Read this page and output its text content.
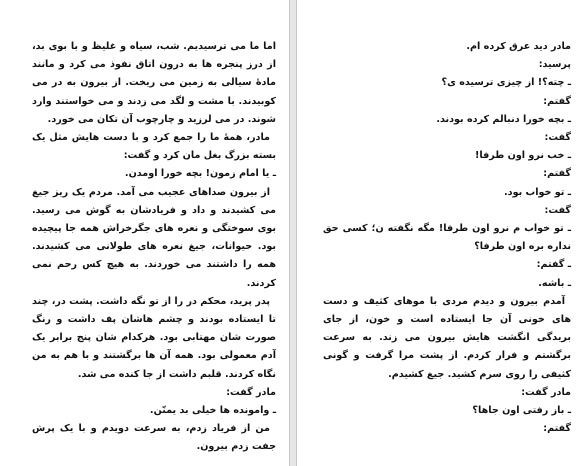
اما ما می ترسیدیم. شب، سیاه و غلیظ و با بوی بد، از درز پنجره ها به درون اتاق نفوذ می کرد و مانند مادهٔ سیالی به زمین می ریخت. از بیرون به در می کوبیدند. با مشت و لگد می زدند و می خواستند وارد شوند. در می لرزید و چارچوب آن تکان می خورد.

مادر، همهٔ ما را جمع کرد و با دست هایش مثل یک بسته بزرگ بغل مان کرد و گفت:

ـ یا امام زمون! بچه خورا اومدن.

از بیرون صداهای عجیب می آمد. مردم یک ریز جیغ می کشیدند و داد و فریادشان به گوش می رسید. بوی سوختگی و نعره های جگرخراش همه جا پیچیده بود. حیوانات، جیغ نعره های طولانی می کشیدند. همه را داشتند می خوردند. به هیچ کس رحم نمی کردند.

پدر پرید، محکم در را از تو نگه داشت. پشت در، چند تا ایستاده بودند و چشم هاشان پف داشت و رنگ صورت شان مهتابی بود. هرکدام شان پنج برابر یک آدم معمولی بود. همه آن ها برگشتند و با هم به من نگاه کردند. قلبم داشت از جا کنده می شد.

مادر گفت:

ـ وامونده ها خیلی بد یمنّن.

من از فریاد زدم، به سرعت دویدم و با یک پرش جفت زدم بیرون.

مادر دید عرق کرده ام.

پرسید:

ـ چته؟! از چیزی ترسیده ی؟

گفتم:

ـ بچه خورا دنبالم کرده بودند.

گفت:

ـ خب نرو اون طرفا!

گفتم:

ـ تو خواب بود.

گفت:

ـ تو خواب م نرو اون طرفا! مگه نگفته ن؛ کسی حق نداره بره اون طرفا؟

ـ گفتم:

ـ باشه.

آمدم بیرون و دیدم مردی با موهای کثیف و دست های خونی آن جا ایستاده است و خون، از جای بریدگی انگشت هایش بیرون می زند. به سرعت برگشتم و فرار کردم. از پشت مرا گرفت و گونی کثیفی را روی سرم کشید. جیغ کشیدم.

مادر گفت:

ـ باز رفتی اون جاها؟

گفتم:
